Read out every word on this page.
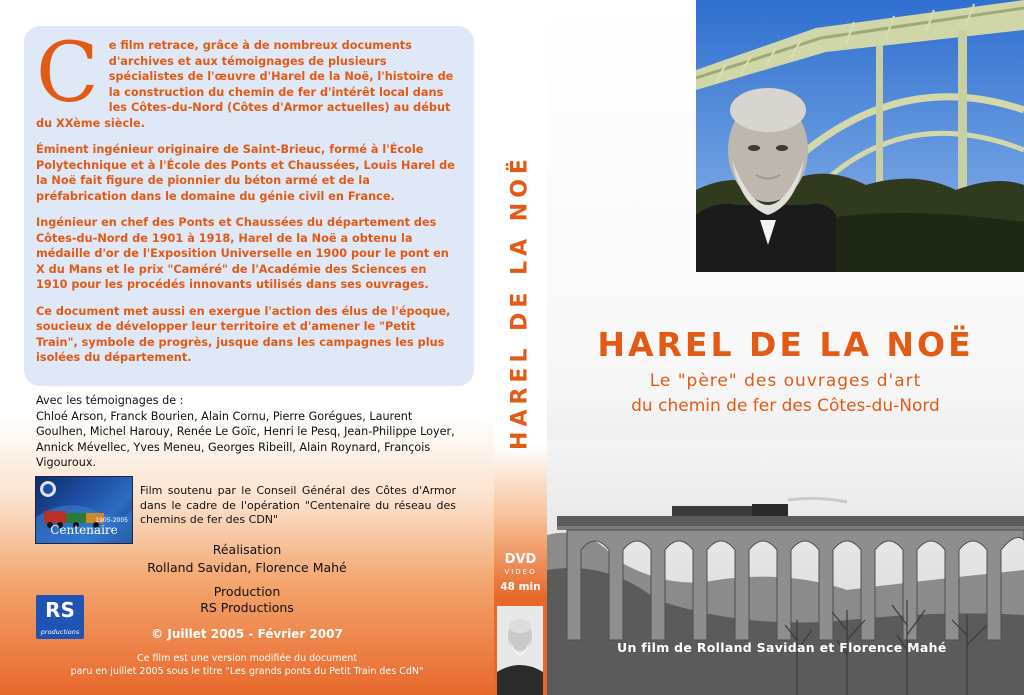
C e film retrace, grâce à de nombreux documents d'archives et aux témoignages de plusieurs spécialistes de l'œuvre d'Harel de la Noë, l'histoire de la construction du chemin de fer d'intérêt local dans les Côtes-du-Nord (Côtes d'Armor actuelles) au début du XXème siècle.

Éminent ingénieur originaire de Saint-Brieuc, formé à l'École Polytechnique et à l'École des Ponts et Chaussées, Louis Harel de la Noë fait figure de pionnier du béton armé et de la préfabrication dans le domaine du génie civil en France.

Ingénieur en chef des Ponts et Chaussées du département des Côtes-du-Nord de 1901 à 1918, Harel de la Noë a obtenu la médaille d'or de l'Exposition Universelle en 1900 pour le pont en X du Mans et le prix "Caméré" de l'Académie des Sciences en 1910 pour les procédés innovants utilisés dans ses ouvrages.

Ce document met aussi en exergue l'action des élus de l'époque, soucieux de développer leur territoire et d'amener le "Petit Train", symbole de progrès, jusque dans les campagnes les plus isolées du département.

Avec les témoignages de :
Chloé Arson, Franck Bourien, Alain Cornu, Pierre Gorégues, Laurent Goulhen, Michel Harouy, Renée Le Goïc, Henri le Pesq, Jean-Philippe Loyer, Annick Mévellec, Yves Meneu, Georges Ribeill, Alain Roynard, François Vigouroux.
1905-2005
Centenaire
Film soutenu par le Conseil Général des Côtes d'Armor dans le cadre de l'opération "Centenaire du réseau des chemins de fer des CDN"
Réalisation
Rolland Savidan, Florence Mahé
Production
RS Productions
RS
productions	© Juillet 2005 - Février 2007
Ce film est une version modifiée du document
paru en juillet 2005 sous le titre "Les grands ponts du Petit Train des CdN"
HAREL DE LA NOË
DVD
VIDEO
48 min
HAREL DE LA NOË
Le "père" des ouvrages d'art
du chemin de fer des Côtes-du-Nord
Un film de Rolland Savidan et Florence Mahé
